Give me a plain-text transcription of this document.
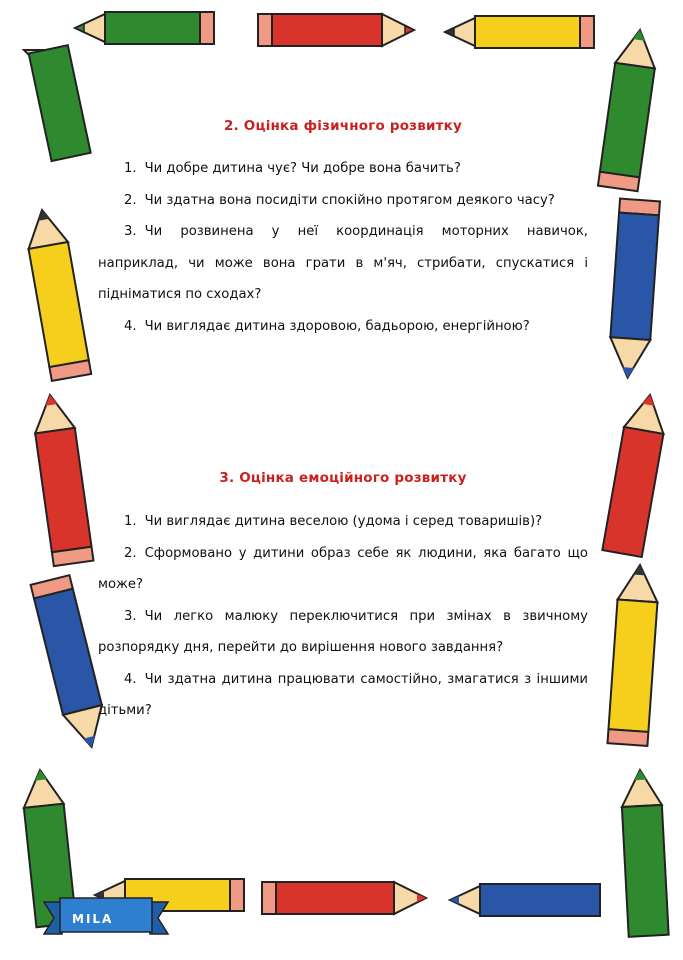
MILA
2. Оцінка фізичного розвитку

1. Чи добре дитина чує? Чи добре вона бачить?

2. Чи здатна вона посидіти спокійно протягом деякого часу?

3. Чи розвинена у неї координація моторних навичок, наприклад, чи може вона грати в м'яч, стрибати, спускатися і підніматися по сходах?

4. Чи виглядає дитина здоровою, бадьорою, енергійною?

3. Оцінка емоційного розвитку

1. Чи виглядає дитина веселою (удома і серед товаришів)?

2. Сформовано у дитини образ себе як людини, яка багато що може?

3. Чи легко малюку переключитися при змінах в звичному розпорядку дня, перейти до вирішення нового завдання?

4. Чи здатна дитина працювати самостійно, змагатися з іншими дітьми?
